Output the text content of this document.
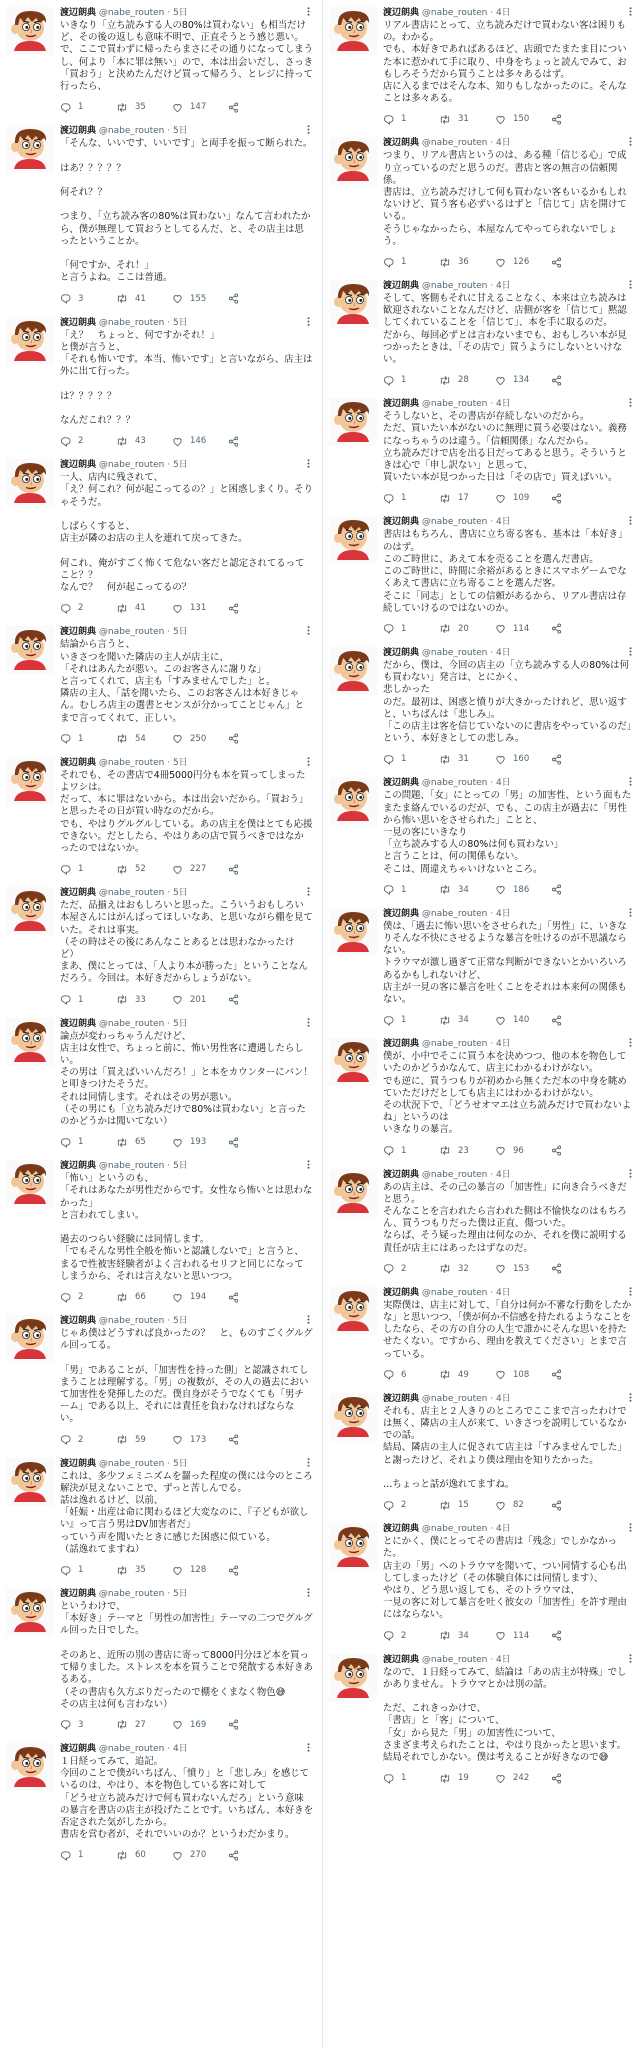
渡辺朗典 @nabe_routen · 5日
いきなり「立ち読みする人の80%は買わない」も相当だけど、その後の返しも意味不明で、正直そうとう感じ悪い。
で、ここで買わずに帰ったらまさにその通りになってしまうし、何より「本に罪は無い」ので、本は出会いだし、さっき「買おう」と決めたんだけど買って帰ろう、とレジに持って行ったら、
1	35	147
渡辺朗典 @nabe_routen · 5日
「そんな、いいです、いいです」と両手を振って断られた。

はあ？？？？？

何それ？？

つまり、「立ち読み客の80%は買わない」なんて言われたから、僕が無理して買おうとしてるんだ、と、その店主は思ったということか。

「何ですか、それ！」
と言うよね。ここは普通。
3	41	155
渡辺朗典 @nabe_routen · 5日
「え？　ちょっと、何ですかそれ！」
と僕が言うと、
「それも怖いです。本当、怖いです」と言いながら、店主は外に出て行った。

は？？？？？

なんだこれ？？？
2	43	146
渡辺朗典 @nabe_routen · 5日
一人、店内に残されて、
「え？何これ？何が起こってるの？」と困惑しまくり。そりゃそうだ。

しばらくすると、
店主が隣のお店の主人を連れて戻ってきた。

何これ、俺がすごく怖くて危ない客だと認定されてるってこと？？
なんで？　何が起こってるの？
2	41	131
渡辺朗典 @nabe_routen · 5日
結論から言うと、
いきさつを聞いた隣店の主人が店主に、
「それはあんたが悪い。このお客さんに謝りな」
と言ってくれて、店主も「すみませんでした」と。
隣店の主人、「話を聞いたら、このお客さんは本好きじゃん。むしろ店主の選書とセンスが分かってことじゃん」とまで言ってくれて、正しい。
1	54	250
渡辺朗典 @nabe_routen · 5日
それでも、その書店で4冊5000円分も本を買ってしまったよワシは。
だって、本に罪はないから。本は出会いだから。「買おう」と思ったその日が買い時なのだから。
でも、やはりグルグルしている。あの店主を僕はとても応援できない。だとしたら、やはりあの店で買うべきではなかったのではないか。
1	52	227
渡辺朗典 @nabe_routen · 5日
ただ、品揃えはおもしろいと思った。こういうおもしろい本屋さんにはがんばってほしいなあ、と思いながら棚を見ていた。それは事実。
（その時はその後にあんなことあるとは思わなかったけど）
まあ、僕にとっては、「人より本が勝った」ということなんだろう。今回は。本好きだからしょうがない。
1	33	201
渡辺朗典 @nabe_routen · 5日
論点が変わっちゃうんだけど、
店主は女性で、ちょっと前に、怖い男性客に遭遇したらしい。
その男は「買えばいいんだろ！」と本をカウンターにバン！と叩きつけたそうだ。
それは同情します。それはその男が悪い。
（その男にも「立ち読みだけで80%は買わない」と言ったのかどうかは聞いてない）
1	65	193
渡辺朗典 @nabe_routen · 5日
「怖い」というのも、
「それはあなたが男性だからです。女性なら怖いとは思わなかった」
と言われてしまい。

過去のつらい経験には同情します。
「でもそんな男性全般を怖いと認識しないで」と言うと、まるで性被害経験者がよく言われるセリフと同じになってしまうから、それは言えないと思いつつ。
2	66	194
渡辺朗典 @nabe_routen · 5日
じゃあ僕はどうすれば良かったの？　と、ものすごくグルグル回ってる。

「男」であることが、「加害性を持った側」と認識されてしまうことは理解する。「男」の複数が、その人の過去において加害性を発揮したのだ。僕自身がそうでなくても「男チーム」である以上、それには責任を負わなければならない。
2	59	173
渡辺朗典 @nabe_routen · 5日
これは、多少フェミニズムを齧った程度の僕には今のところ解決が見えないことで、ずっと苦しんでる。
話は逸れるけど、以前、
「妊娠・出産は命に関わるほど大変なのに、『子どもが欲しい』って言う男はDV加害者だ」
っていう声を聞いたときに感じた困惑に似ている。
（話逸れてますね）
1	35	128
渡辺朗典 @nabe_routen · 5日
というわけで、
「本好き」テーマと「男性の加害性」テーマの二つでグルグル回った日でした。

そのあと、近所の別の書店に寄って8000円分ほど本を買って帰りました。ストレスを本を買うことで発散する本好きあるある。
（その書店も久方ぶりだったので棚をくまなく物色😅
その店主は何も言わない）
3	27	169
渡辺朗典 @nabe_routen · 4日
１日経ってみて、追記。
今回のことで僕がいちばん、「憤り」と「悲しみ」を感じているのは、やはり、本を物色している客に対して
「どうせ立ち読みだけで何も買わないんだろ」という意味の暴言を書店の店主が投げたことです。いちばん、本好きを否定された気がしたから。
書店を営む者が、それでいいのか？というわだかまり。
1	60	270
渡辺朗典 @nabe_routen · 4日
リアル書店にとって、立ち読みだけで買わない客は困りもの。わかる。
でも、本好きであればあるほど、店頭でたまたま目についた本に惹かれて手に取り、中身をちょっと読んでみて、おもしろそうだから買うことは多々あるはず。
店に入るまではそんな本、知りもしなかったのに。そんなことは多々ある。
1	31	150
渡辺朗典 @nabe_routen · 4日
つまり、リアル書店というのは、ある種「信じる心」で成り立っているのだと思うのだ。書店と客の無言の信頼関係。
書店は、立ち読みだけして何も買わない客もいるかもしれないけど、買う客も必ずいるはずと「信じて」店を開けている。
そうじゃなかったら、本屋なんてやってられないでしょう。
1	36	126
渡辺朗典 @nabe_routen · 4日
そして、客側もそれに甘えることなく、本来は立ち読みは歓迎されないことなんだけど、店側が客を「信じて」黙認してくれていることを「信じて」、本を手に取るのだ。
だから、毎回必ずとは言わないまでも、おもしろい本が見つかったときは、「その店で」買うようにしないといけない。
1	28	134
渡辺朗典 @nabe_routen · 4日
そうしないと、その書店が存続しないのだから。
ただ、買いたい本がないのに無理に買う必要はない。義務になっちゃうのは違う。「信頼関係」なんだから。
立ち読みだけで店を出る日だってあると思う。そういうときは心で「申し訳ない」と思って、
買いたい本が見つかった日は「その店で」買えばいい。
1	17	109
渡辺朗典 @nabe_routen · 4日
書店はもちろん、書店に立ち寄る客も、基本は「本好き」のはず。
このご時世に、あえて本を売ることを選んだ書店。
このご時世に、時間に余裕があるときにスマホゲームでなくあえて書店に立ち寄ることを選んだ客。
そこに「同志」としての信頼があるから、リアル書店は存続していけるのではないのか。
1	20	114
渡辺朗典 @nabe_routen · 4日
だから、僕は、今回の店主の「立ち読みする人の80%は何も買わない」発言は、とにかく、
悲しかった
のだ。最初は、困惑と憤りが大きかったけれど、思い返すと、いちばんは「悲しみ」。
「この店主は客を信じていないのに書店をやっているのだ」という、本好きとしての悲しみ。
1	31	160
渡辺朗典 @nabe_routen · 4日
この問題、「女」にとっての「男」の加害性、という面もたまたま絡んでいるのだが、でも、この店主が過去に「男性から怖い思いをさせられた」ことと、
一見の客にいきなり
「立ち読みする人の80%は何も買わない」
と言うことは、何の関係もない。
そこは、間違えちゃいけないところ。
1	34	186
渡辺朗典 @nabe_routen · 4日
僕は、「過去に怖い思いをさせられた」「男性」に、いきなりそんな不快にさせるような暴言を吐けるのが不思議ならない。
トラウマが激し過ぎて正常な判断ができないとかいろいろあるかもしれないけど、
店主が一見の客に暴言を吐くことをそれは本来何の関係もない。
1	34	140
渡辺朗典 @nabe_routen · 4日
僕が、小中でそこに買う本を決めつつ、他の本を物色していたのかどうかなんて、店主にわかるわけがない。
でも逆に、買うつもりが初めから無くただ本の中身を眺めていただけだとしても店主にはわかるわけがない。
その状況下で、「どうせオマエは立ち読みだけで買わないよね」というのは
いきなりの暴言。
1	23	96
渡辺朗典 @nabe_routen · 4日
あの店主は、その己の暴言の「加害性」に向き合うべきだと思う。
そんなことを言われたら言われた側は不愉快なのはもちろん、買うつもりだった僕は正直、傷ついた。
ならば、そう疑った理由は何なのか、それを僕に説明する責任が店主にはあったはずなのだ。
2	32	153
渡辺朗典 @nabe_routen · 4日
実際僕は、店主に対して、「自分は何か不審な行動をしたかな」と思いつつ、「僕が何か不信感を持たれるようなことをしたなら、その方の自分の人生で誰かにそんな思いを持たせたくない。ですから、理由を教えてください」とまで言っている。
6	49	108
渡辺朗典 @nabe_routen · 4日
それも、店主と２人きりのところでここまで言ったわけでは無く、隣店の主人が来て、いきさつを説明しているなかでの話。
結局、隣店の主人に促されて店主は「すみませんでした」と謝ったけど、それより僕は理由を知りたかった。

…ちょっと話が逸れてますね。
2	15	82
渡辺朗典 @nabe_routen · 4日
とにかく、僕にとってその書店は「残念」でしかなかった。
店主の「男」へのトラウマを聞いて、つい同情する心も出してしまったけど（その体験自体には同情します）、
やはり、どう思い返しても、そのトラウマは、
一見の客に対して暴言を吐く彼女の「加害性」を許す理由にはならない。
2	34	114
渡辺朗典 @nabe_routen · 4日
なので、１日経ってみて、結論は「あの店主が特殊」でしかありません。トラウマとかは別の話。

ただ、これきっかけで、
「書店」と「客」について、
「女」から見た「男」の加害性について、
さまざま考えられたことは、やはり良かったと思います。
結局それでしかない。僕は考えることが好きなので😅
1	19	242
